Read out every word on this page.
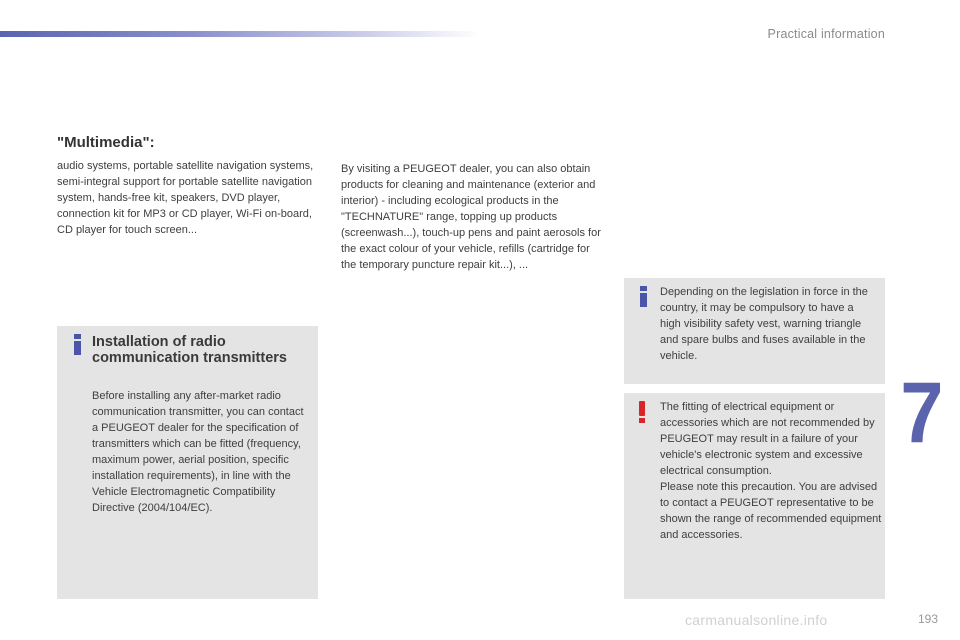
Practical information
"Multimedia":
audio systems, portable satellite navigation systems, semi-integral support for portable satellite navigation system, hands-free kit, speakers, DVD player, connection kit for MP3 or CD player, Wi-Fi on-board, CD player for touch screen...
By visiting a PEUGEOT dealer, you can also obtain products for cleaning and maintenance (exterior and interior) - including ecological products in the "TECHNATURE" range, topping up products (screenwash...), touch-up pens and paint aerosols for the exact colour of your vehicle, refills (cartridge for the temporary puncture repair kit...), ...
Installation of radio communication transmitters
Before installing any after-market radio communication transmitter, you can contact a PEUGEOT dealer for the specification of transmitters which can be fitted (frequency, maximum power, aerial position, specific installation requirements), in line with the Vehicle Electromagnetic Compatibility Directive (2004/104/EC).
Depending on the legislation in force in the country, it may be compulsory to have a high visibility safety vest, warning triangle and spare bulbs and fuses available in the vehicle.

The fitting of electrical equipment or accessories which are not recommended by PEUGEOT may result in a failure of your vehicle's electronic system and excessive electrical consumption.

Please note this precaution. You are advised to contact a PEUGEOT representative to be shown the range of recommended equipment and accessories.

7
carmanualsonline.info	193
